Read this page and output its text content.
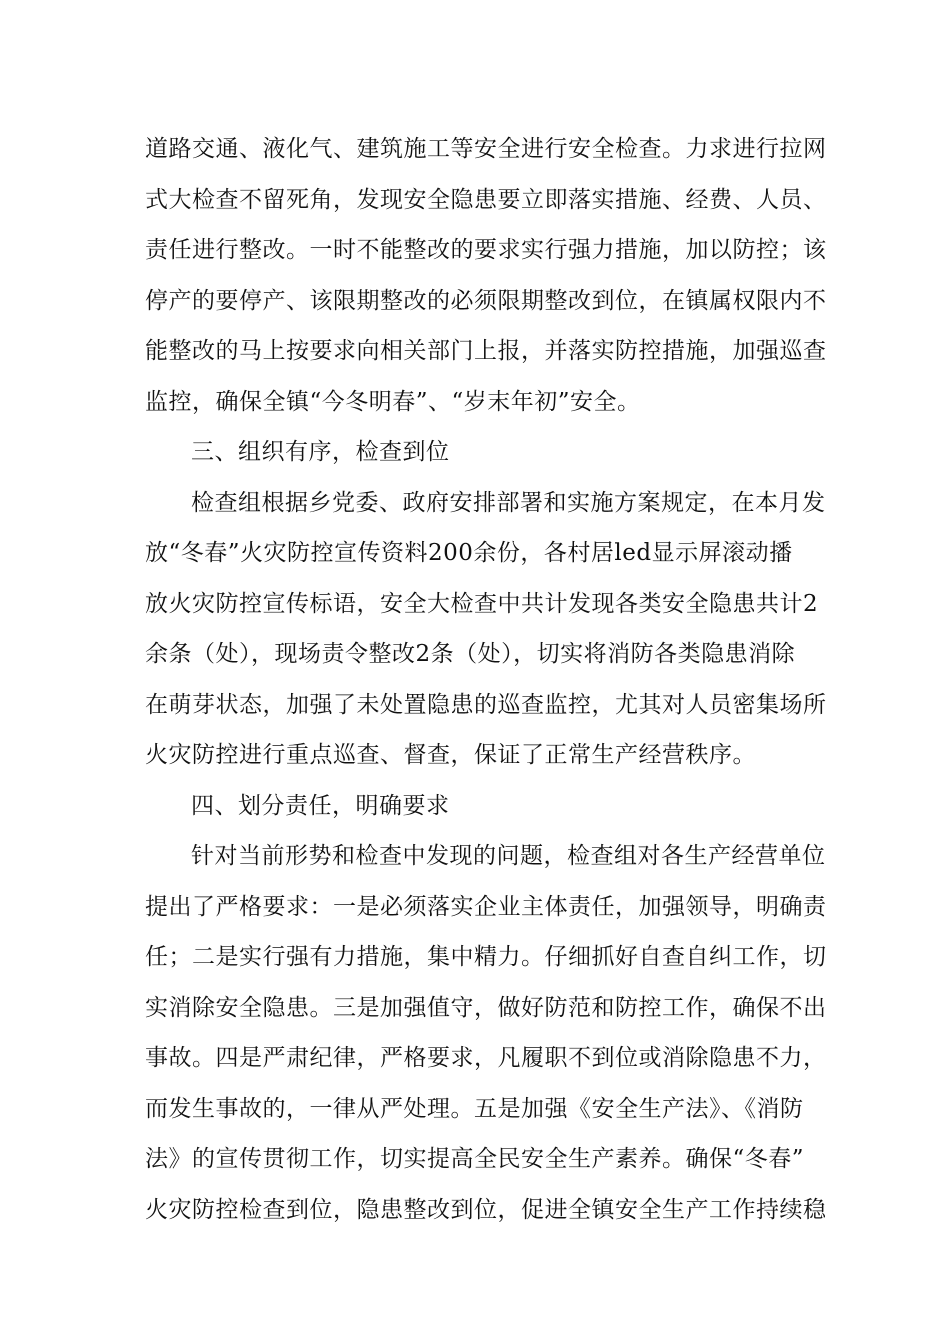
道路交通、液化气、建筑施工等安全进行安全检查。力求进行拉网
式大检查不留死角，发现安全隐患要立即落实措施、经费、人员、
责任进行整改。一时不能整改的要求实行强力措施，加以防控；该
停产的要停产、该限期整改的必须限期整改到位，在镇属权限内不
能整改的马上按要求向相关部门上报，并落实防控措施，加强巡查
监控，确保全镇“今冬明春”、“岁末年初”安全。
三、组织有序，检查到位
检查组根据乡党委、政府安排部署和实施方案规定，在本月发
放“冬春”火灾防控宣传资料200余份，各村居led显示屏滚动播
放火灾防控宣传标语，安全大检查中共计发现各类安全隐患共计2
余条（处），现场责令整改2条（处），切实将消防各类隐患消除
在萌芽状态，加强了未处置隐患的巡查监控，尤其对人员密集场所
火灾防控进行重点巡查、督查，保证了正常生产经营秩序。
四、划分责任，明确要求
针对当前形势和检查中发现的问题，检查组对各生产经营单位
提出了严格要求：一是必须落实企业主体责任，加强领导，明确责
任；二是实行强有力措施，集中精力。仔细抓好自查自纠工作，切
实消除安全隐患。三是加强值守，做好防范和防控工作，确保不出
事故。四是严肃纪律，严格要求，凡履职不到位或消除隐患不力，
而发生事故的，一律从严处理。五是加强《安全生产法》、《消防
法》的宣传贯彻工作，切实提高全民安全生产素养。确保“冬春”
火灾防控检查到位，隐患整改到位，促进全镇安全生产工作持续稳
